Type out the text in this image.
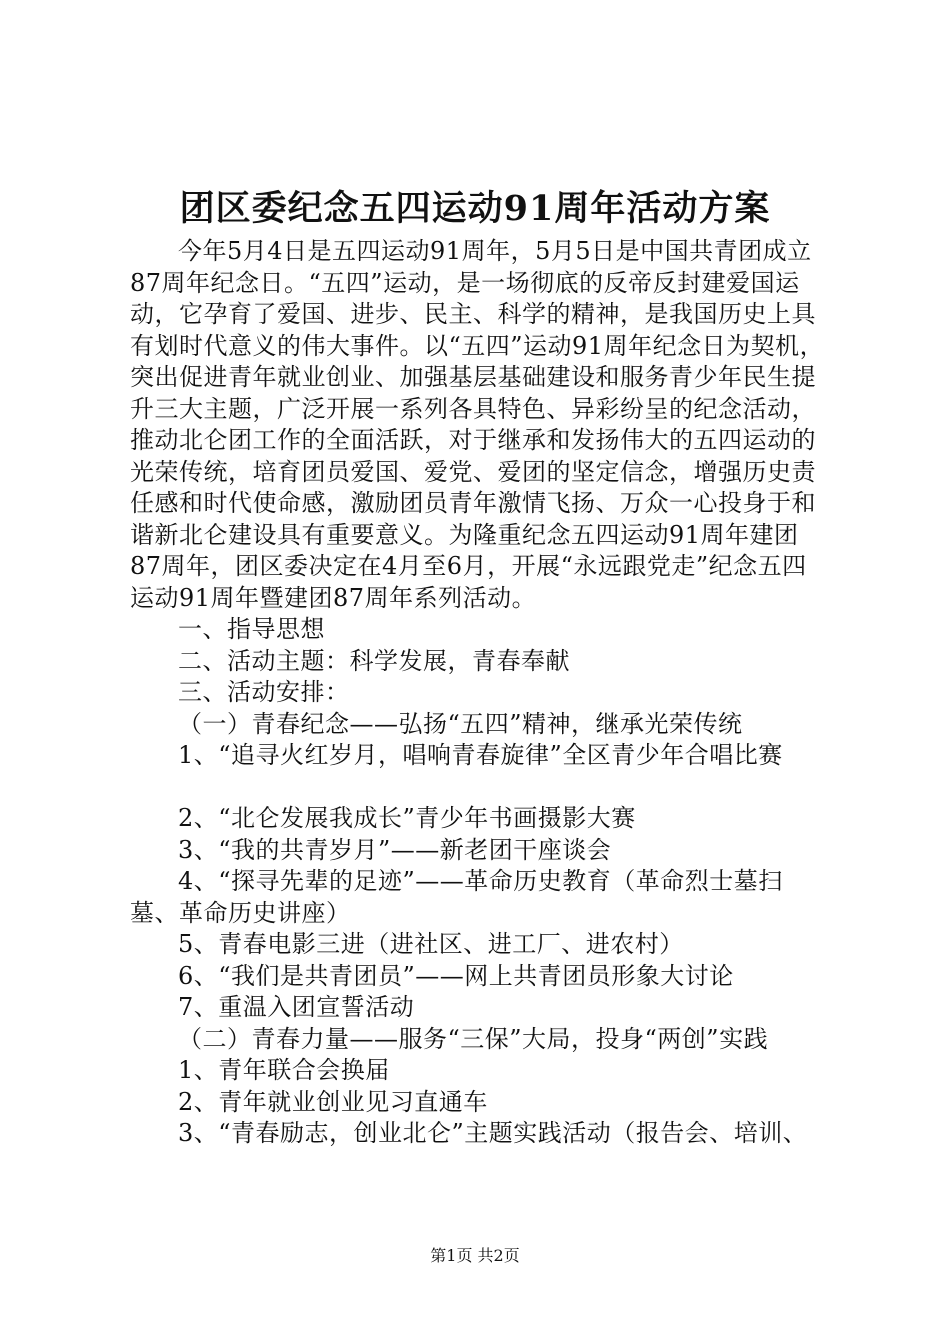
团区委纪念五四运动91周年活动方案

今年5月4日是五四运动91周年，5月5日是中国共青团成立87周年纪念日。“五四”运动，是一场彻底的反帝反封建爱国运动，它孕育了爱国、进步、民主、科学的精神，是我国历史上具有划时代意义的伟大事件。以“五四”运动91周年纪念日为契机，突出促进青年就业创业、加强基层基础建设和服务青少年民生提升三大主题，广泛开展一系列各具特色、异彩纷呈的纪念活动，推动北仑团工作的全面活跃，对于继承和发扬伟大的五四运动的光荣传统，培育团员爱国、爱党、爱团的坚定信念，增强历史责任感和时代使命感，激励团员青年激情飞扬、万众一心投身于和谐新北仑建设具有重要意义。为隆重纪念五四运动91周年建团87周年，团区委决定在4月至6月，开展“永远跟党走”纪念五四运动91周年暨建团87周年系列活动。

一、指导思想

二、活动主题：科学发展，青春奉献

三、活动安排：

（一）青春纪念——弘扬“五四”精神，继承光荣传统

1、“追寻火红岁月，唱响青春旋律”全区青少年合唱比赛

2、“北仑发展我成长”青少年书画摄影大赛

3、“我的共青岁月”——新老团干座谈会

4、“探寻先辈的足迹”——革命历史教育（革命烈士墓扫墓、革命历史讲座）

5、青春电影三进（进社区、进工厂、进农村）

6、“我们是共青团员”——网上共青团员形象大讨论

7、重温入团宣誓活动

（二）青春力量——服务“三保”大局，投身“两创”实践

1、青年联合会换届

2、青年就业创业见习直通车

3、“青春励志，创业北仑”主题实践活动（报告会、培训、

第1页 共2页
